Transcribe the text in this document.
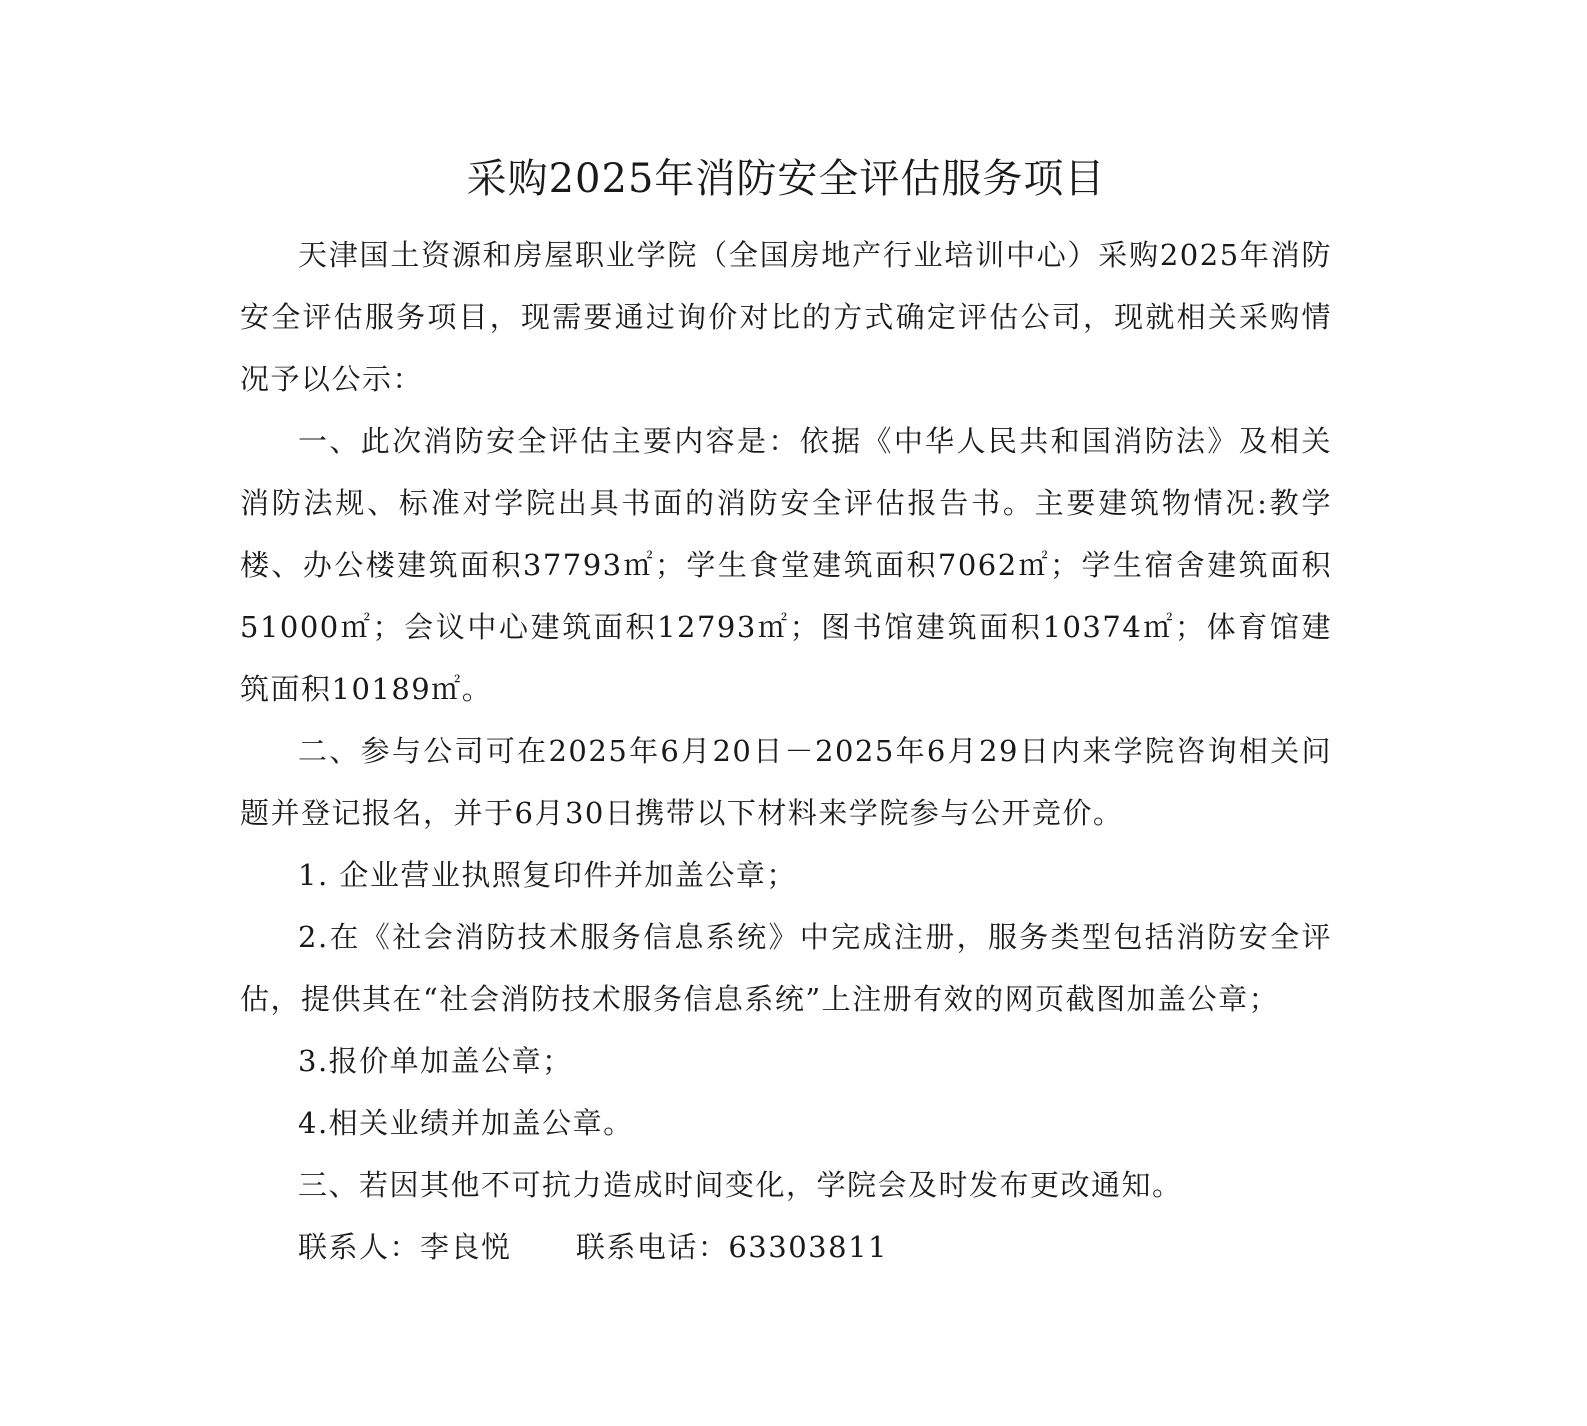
采购2025年消防安全评估服务项目

天津国土资源和房屋职业学院（全国房地产行业培训中心）采购2025年消防安全评估服务项目，现需要通过询价对比的方式确定评估公司，现就相关采购情况予以公示：

一、此次消防安全评估主要内容是：依据《中华人民共和国消防法》及相关消防法规、标准对学院出具书面的消防安全评估报告书。主要建筑物情况:教学楼、办公楼建筑面积37793㎡；学生食堂建筑面积7062㎡；学生宿舍建筑面积51000㎡；会议中心建筑面积12793㎡；图书馆建筑面积10374㎡；体育馆建筑面积10189㎡。

二、参与公司可在2025年6月20日－2025年6月29日内来学院咨询相关问题并登记报名，并于6月30日携带以下材料来学院参与公开竞价。

1. 企业营业执照复印件并加盖公章；

2.在《社会消防技术服务信息系统》中完成注册，服务类型包括消防安全评估，提供其在“社会消防技术服务信息系统”上注册有效的网页截图加盖公章；

3.报价单加盖公章；

4.相关业绩并加盖公章。

三、若因其他不可抗力造成时间变化，学院会及时发布更改通知。

联系人：李良悦 联系电话：63303811
